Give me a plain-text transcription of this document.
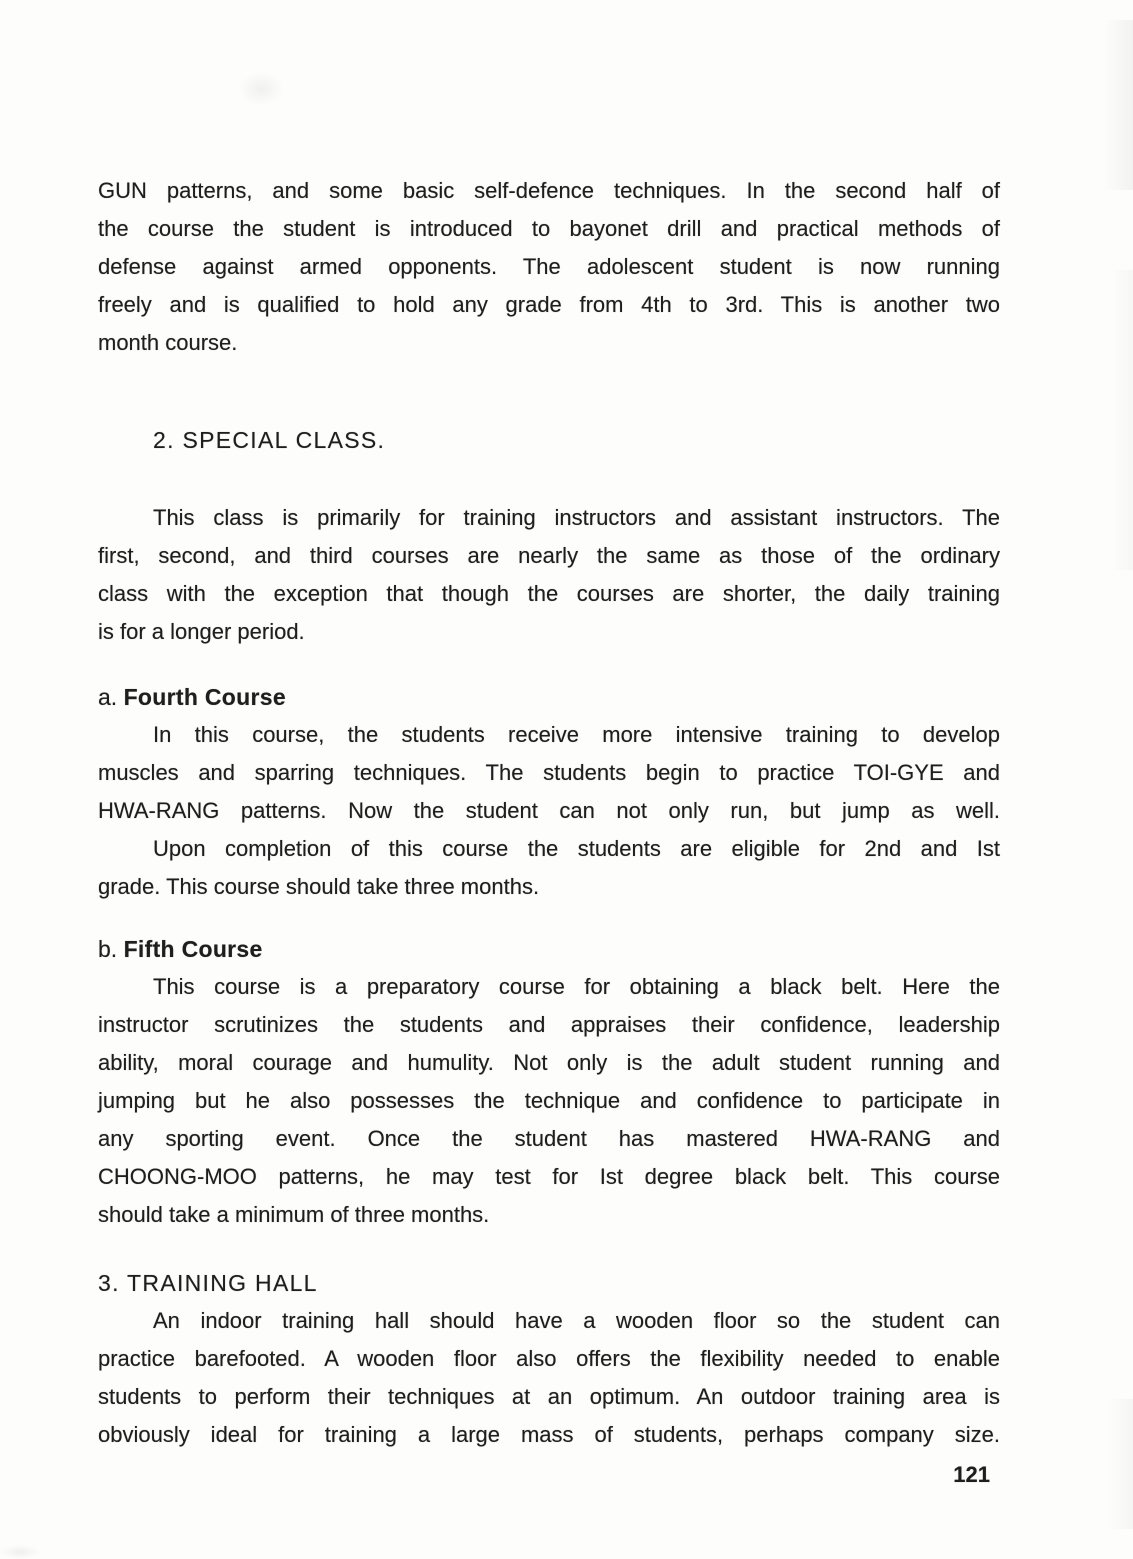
GUN patterns, and some basic self-defence techniques. In the second half of
the course the student is introduced to bayonet drill and practical methods of
defense against armed opponents. The adolescent student is now running
freely and is qualified to hold any grade from 4th to 3rd. This is another two
month course.
2. SPECIAL CLASS.
This class is primarily for training instructors and assistant instructors. The
first, second, and third courses are nearly the same as those of the ordinary
class with the exception that though the courses are shorter, the daily training
is for a longer period.
a. Fourth Course
In this course, the students receive more intensive training to develop
muscles and sparring techniques. The students begin to practice TOI-GYE and
HWA-RANG patterns. Now the student can not only run, but jump as well.
Upon completion of this course the students are eligible for 2nd and Ist
grade. This course should take three months.
b. Fifth Course
This course is a preparatory course for obtaining a black belt. Here the
instructor scrutinizes the students and appraises their confidence, leadership
ability, moral courage and humulity. Not only is the adult student running and
jumping but he also possesses the technique and confidence to participate in
any sporting event. Once the student has mastered HWA-RANG and
CHOONG-MOO patterns, he may test for Ist degree black belt. This course
should take a minimum of three months.
3. TRAINING HALL
An indoor training hall should have a wooden floor so the student can
practice barefooted. A wooden floor also offers the flexibility needed to enable
students to perform their techniques at an optimum. An outdoor training area is
obviously ideal for training a large mass of students, perhaps company size.
121
